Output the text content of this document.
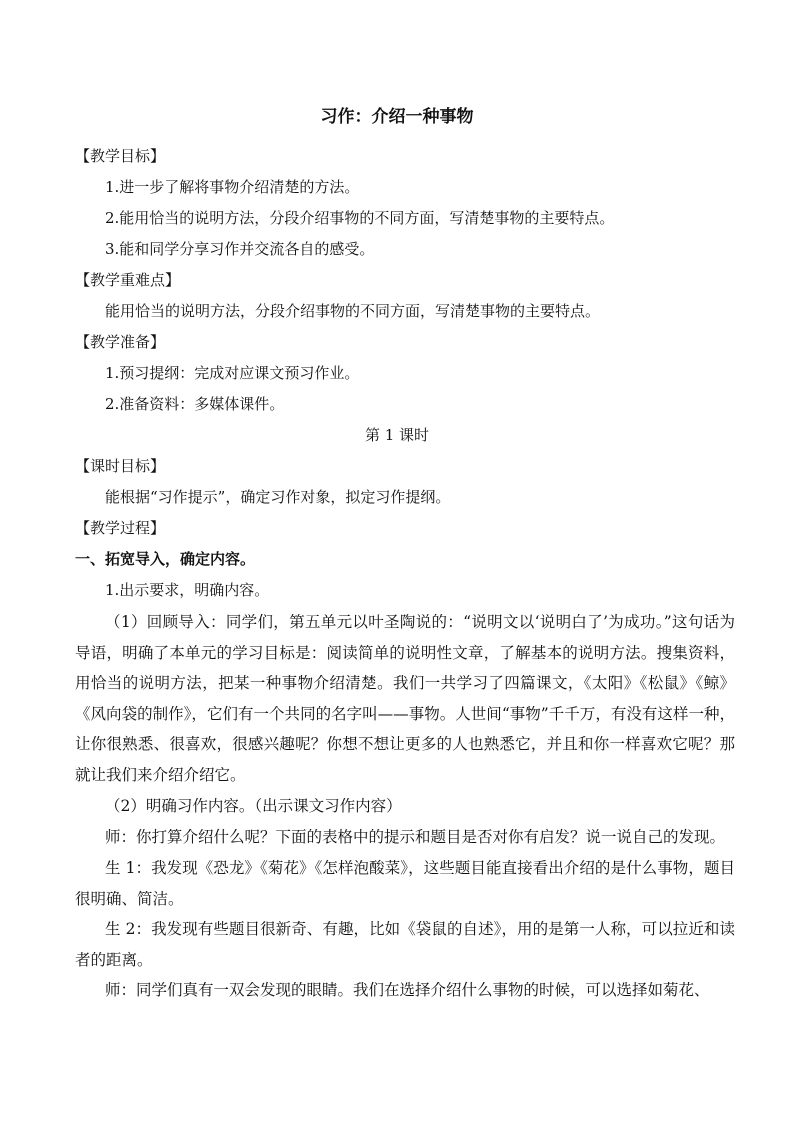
习作：介绍一种事物
【教学目标】
1.进一步了解将事物介绍清楚的方法。
2.能用恰当的说明方法，分段介绍事物的不同方面，写清楚事物的主要特点。
3.能和同学分享习作并交流各自的感受。
【教学重难点】
能用恰当的说明方法，分段介绍事物的不同方面，写清楚事物的主要特点。
【教学准备】
1.预习提纲：完成对应课文预习作业。
2.准备资料：多媒体课件。
第 1 课时
【课时目标】
能根据“习作提示”，确定习作对象，拟定习作提纲。
【教学过程】
一、拓宽导入，确定内容。
1.出示要求，明确内容。
（1）回顾导入：同学们，第五单元以叶圣陶说的：“说明文以‘说明白了’为成功。”这句话为导语，明确了本单元的学习目标是：阅读简单的说明性文章，了解基本的说明方法。搜集资料，用恰当的说明方法，把某一种事物介绍清楚。我们一共学习了四篇课文，《太阳》《松鼠》《鲸》《风向袋的制作》，它们有一个共同的名字叫——事物。人世间“事物”千千万，有没有这样一种，让你很熟悉、很喜欢，很感兴趣呢？你想不想让更多的人也熟悉它，并且和你一样喜欢它呢？那就让我们来介绍介绍它。
（2）明确习作内容。（出示课文习作内容）
师：你打算介绍什么呢？下面的表格中的提示和题目是否对你有启发？说一说自己的发现。
生 1：我发现《恐龙》《菊花》《怎样泡酸菜》，这些题目能直接看出介绍的是什么事物，题目很明确、简洁。
生 2：我发现有些题目很新奇、有趣，比如《袋鼠的自述》，用的是第一人称，可以拉近和读者的距离。
师：同学们真有一双会发现的眼睛。我们在选择介绍什么事物的时候，可以选择如菊花、
